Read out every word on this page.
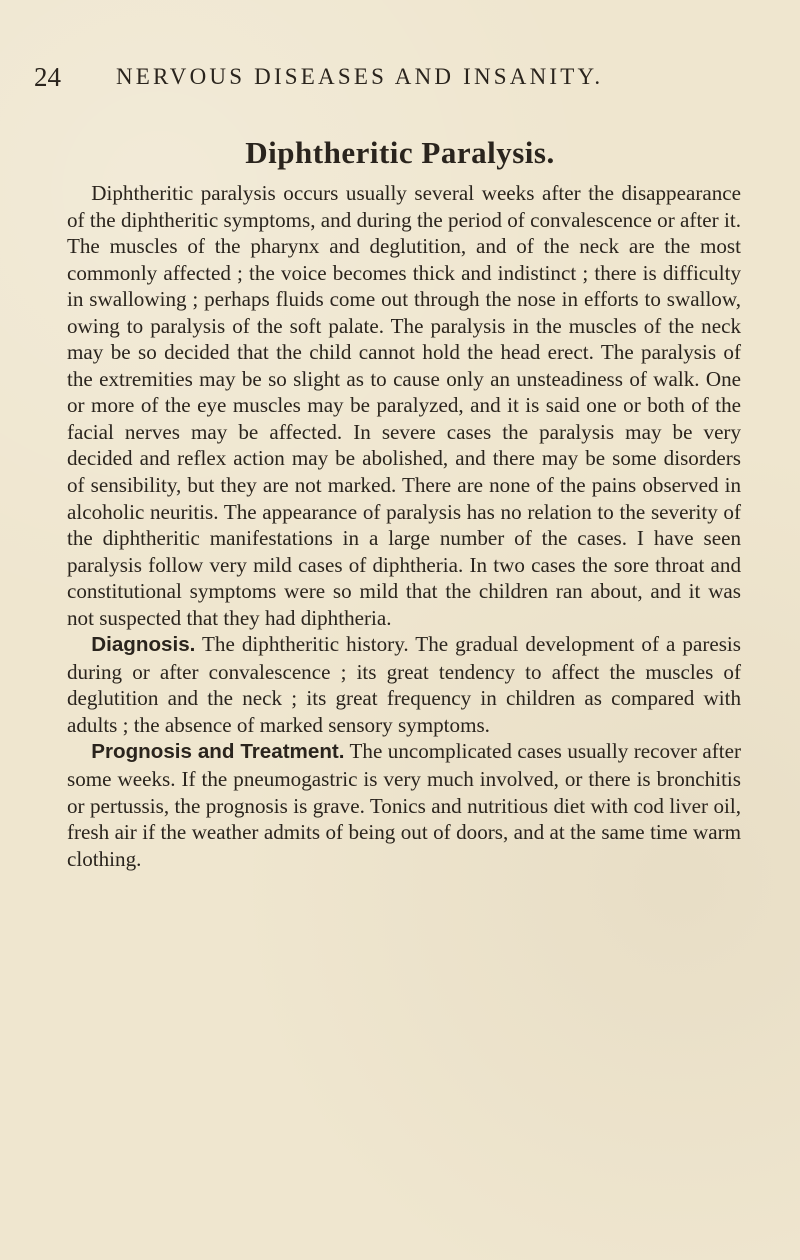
24 NERVOUS DISEASES AND INSANITY.
Diphtheritic Paralysis.

Diphtheritic paralysis occurs usually several weeks after the disappearance of the diphtheritic symptoms, and during the period of convalescence or after it. The muscles of the pharynx and deglutition, and of the neck are the most commonly affected ; the voice becomes thick and indistinct ; there is difficulty in swallowing ; perhaps fluids come out through the nose in efforts to swallow, owing to paralysis of the soft palate. The paralysis in the muscles of the neck may be so decided that the child cannot hold the head erect. The paralysis of the extremities may be so slight as to cause only an unsteadiness of walk. One or more of the eye muscles may be paralyzed, and it is said one or both of the facial nerves may be affected. In severe cases the paralysis may be very decided and reflex action may be abolished, and there may be some disorders of sensibility, but they are not marked. There are none of the pains observed in alcoholic neuritis. The appearance of paralysis has no relation to the severity of the diphtheritic manifestations in a large number of the cases. I have seen paralysis follow very mild cases of diphtheria. In two cases the sore throat and constitutional symptoms were so mild that the children ran about, and it was not suspected that they had diphtheria.

Diagnosis. The diphtheritic history. The gradual development of a paresis during or after convalescence ; its great tendency to affect the muscles of deglutition and the neck ; its great frequency in children as compared with adults ; the absence of marked sensory symptoms.

Prognosis and Treatment. The uncomplicated cases usually recover after some weeks. If the pneumogastric is very much involved, or there is bronchitis or pertussis, the prognosis is grave. Tonics and nutritious diet with cod liver oil, fresh air if the weather admits of being out of doors, and at the same time warm clothing.
